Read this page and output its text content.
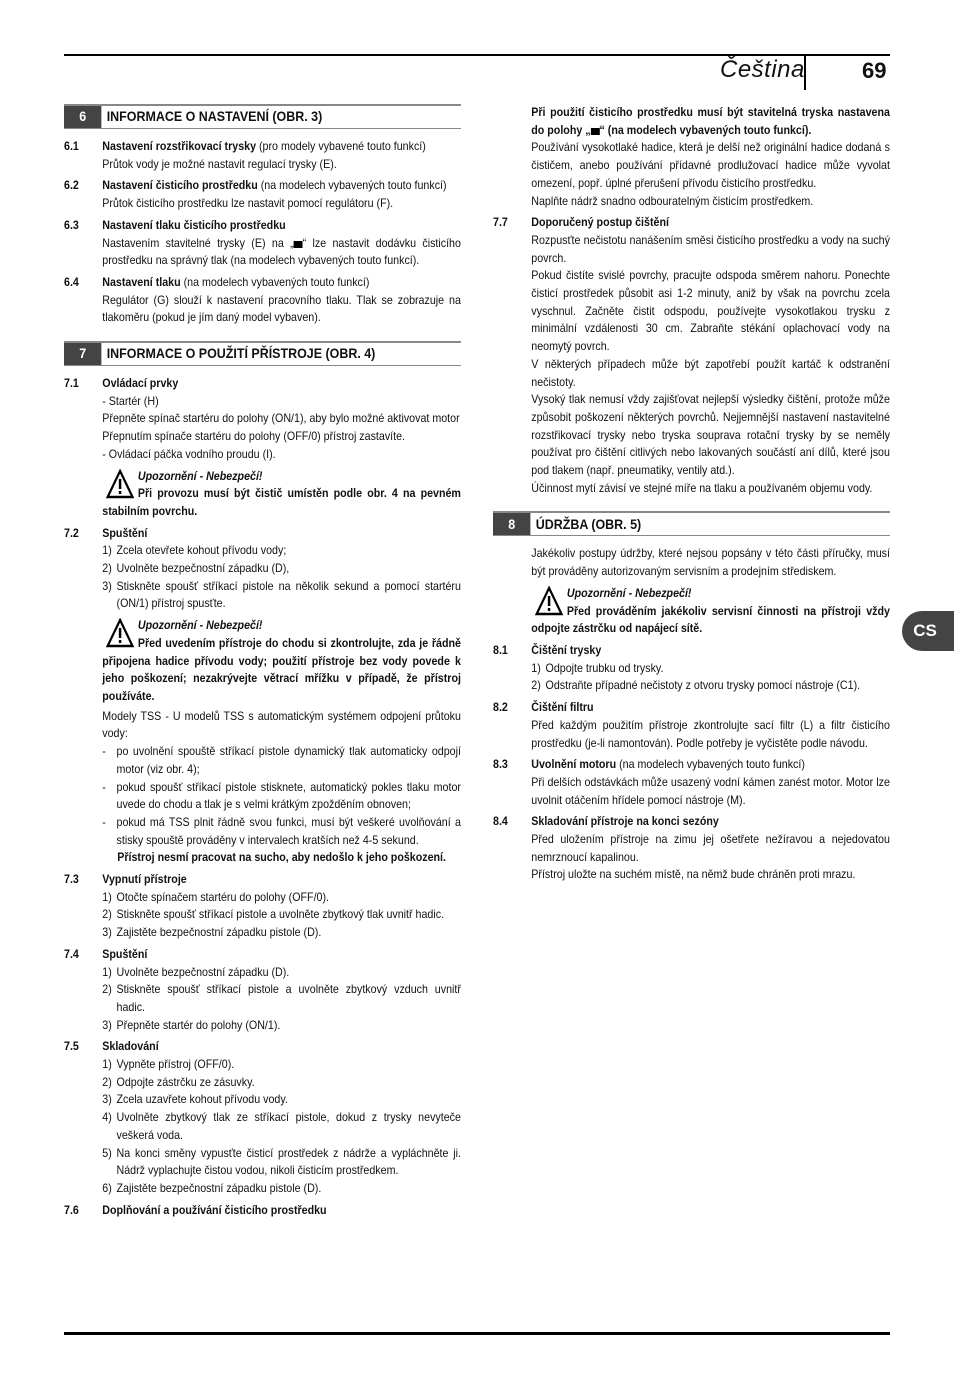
Čeština	69
CS
6	INFORMACE O NASTAVENÍ (OBR. 3)
6.1	Nastavení rozstřikovací trysky (pro modely vybavené touto funkcí)

Průtok vody je možné nastavit regulací trysky (E).

6.2	Nastavení čisticího prostředku (na modelech vybavených touto funkcí)

Průtok čisticího prostředku lze nastavit pomocí regulátoru (F).

6.3	Nastavení tlaku čisticího prostředku

Nastavením stavitelné trysky (E) na „ “ lze nastavit dodávku čisticího prostředku na správný tlak (na modelech vybavených touto funkcí).

6.4	Nastavení tlaku (na modelech vybavených touto funkcí)

Regulátor (G) slouží k nastavení pracovního tlaku. Tlak se zobrazuje na tlakoměru (pokud je jím daný model vybaven).

7	INFORMACE O POUŽITÍ PŘÍSTROJE (OBR. 4)
7.1	Ovládací prvky

- Startér (H)

Přepněte spínač startéru do polohy (ON/1), aby bylo možné aktivovat motor

Přepnutím spínače startéru do polohy (OFF/0) přístroj zastavíte.

- Ovládací páčka vodního proudu (I).

Upozornění - Nebezpečí!
Při provozu musí být čistič umístěn podle obr. 4 na pevném stabilním povrchu.
7.2	Spuštění
1) Zcela otevřete kohout přívodu vody;
2) Uvolněte bezpečnostní západku (D),
3) Stiskněte spoušť stříkací pistole na několik sekund a pomocí startéru (ON/1) přístroj spusťte.
Upozornění - Nebezpečí!
Před uvedením přístroje do chodu si zkontrolujte, zda je řádně připojena hadice přívodu vody; použití přístroje bez vody povede k jeho poškození; nezakrývejte větrací mřížku v případě, že přístroj používáte.

Modely TSS - U modelů TSS s automatickým systémem odpojení průtoku vody:

- po uvolnění spouště stříkací pistole dynamický tlak automaticky odpojí motor (viz obr. 4);
- pokud spoušť stříkací pistole stisknete, automatický pokles tlaku motor uvede do chodu a tlak je s velmi krátkým zpožděním obnoven;
- pokud má TSS plnit řádně svou funkci, musí být veškeré uvolňování a stisky spouště prováděny v intervalech kratších než 4-5 sekund.

Přístroj nesmí pracovat na sucho, aby nedošlo k jeho poškození.

7.3	Vypnutí přístroje
1) Otočte spínačem startéru do polohy (OFF/0).
2) Stiskněte spoušť stříkací pistole a uvolněte zbytkový tlak uvnitř hadic.
3) Zajistěte bezpečnostní západku pistole (D).
7.4	Spuštění
1) Uvolněte bezpečnostní západku (D).
2) Stiskněte spoušť stříkací pistole a uvolněte zbytkový vzduch uvnitř hadic.
3) Přepněte startér do polohy (ON/1).
7.5	Skladování
1) Vypněte přístroj (OFF/0).
2) Odpojte zástrčku ze zásuvky.
3) Zcela uzavřete kohout přívodu vody.
4) Uvolněte zbytkový tlak ze stříkací pistole, dokud z trysky nevyteče veškerá voda.
5) Na konci směny vypusťte čisticí prostředek z nádrže a vypláchněte ji. Nádrž vyplachujte čistou vodou, nikoli čisticím prostředkem.
6) Zajistěte bezpečnostní západku pistole (D).
7.6	Doplňování a používání čisticího prostředku

Při použití čisticího prostředku musí být stavitelná tryska nastavena do polohy „ “ (na modelech vybavených touto funkcí).

Používání vysokotlaké hadice, která je delší než originální hadice dodaná s čističem, anebo používání přídavné prodlužovací hadice může vyvolat omezení, popř. úplné přerušení přívodu čisticího prostředku.

Naplňte nádrž snadno odbouratelným čisticím prostředkem.

7.7	Doporučený postup čištění

Rozpusťte nečistotu nanášením směsi čisticího prostředku a vody na suchý povrch.

Pokud čistíte svislé povrchy, pracujte odspoda směrem nahoru. Ponechte čisticí prostředek působit asi 1-2 minuty, aniž by však na povrchu zcela vyschnul. Začněte čistit odspodu, používejte vysokotlakou trysku z minimální vzdálenosti 30 cm. Zabraňte stékání oplachovací vody na neomytý povrch.

V některých případech může být zapotřebí použít kartáč k odstranění nečistoty.

Vysoký tlak nemusí vždy zajišťovat nejlepší výsledky čištění, protože může způsobit poškození některých povrchů. Nejjemnější nastavení nastavitelné rozstřikovací trysky nebo tryska souprava rotační trysky by se neměly používat pro čištění citlivých nebo lakovaných součástí aní dílů, které jsou pod tlakem (např. pneumatiky, ventily atd.).

Účinnost mytí závisí ve stejné míře na tlaku a používaném objemu vody.

8	ÚDRŽBA (OBR. 5)

Jakékoliv postupy údržby, které nejsou popsány v této části příručky, musí být prováděny autorizovaným servisním a prodejním střediskem.

Upozornění - Nebezpečí!
Před prováděním jakékoliv servisní činnosti na přístroji vždy odpojte zástrčku od napájecí sítě.
8.1	Čištění trysky
1) Odpojte trubku od trysky.
2) Odstraňte případné nečistoty z otvoru trysky pomocí nástroje (C1).
8.2	Čištění filtru

Před každým použitím přístroje zkontrolujte sací filtr (L) a filtr čisticího prostředku (je-li namontován). Podle potřeby je vyčistěte podle návodu.

8.3	Uvolnění motoru (na modelech vybavených touto funkcí)

Při delších odstávkách může usazený vodní kámen zanést motor. Motor lze uvolnit otáčením hřídele pomocí nástroje (M).

8.4	Skladování přístroje na konci sezóny

Před uložením přístroje na zimu jej ošetřete nežíravou a nejedovatou nemrznoucí kapalinou.

Přístroj uložte na suchém místě, na němž bude chráněn proti mrazu.
